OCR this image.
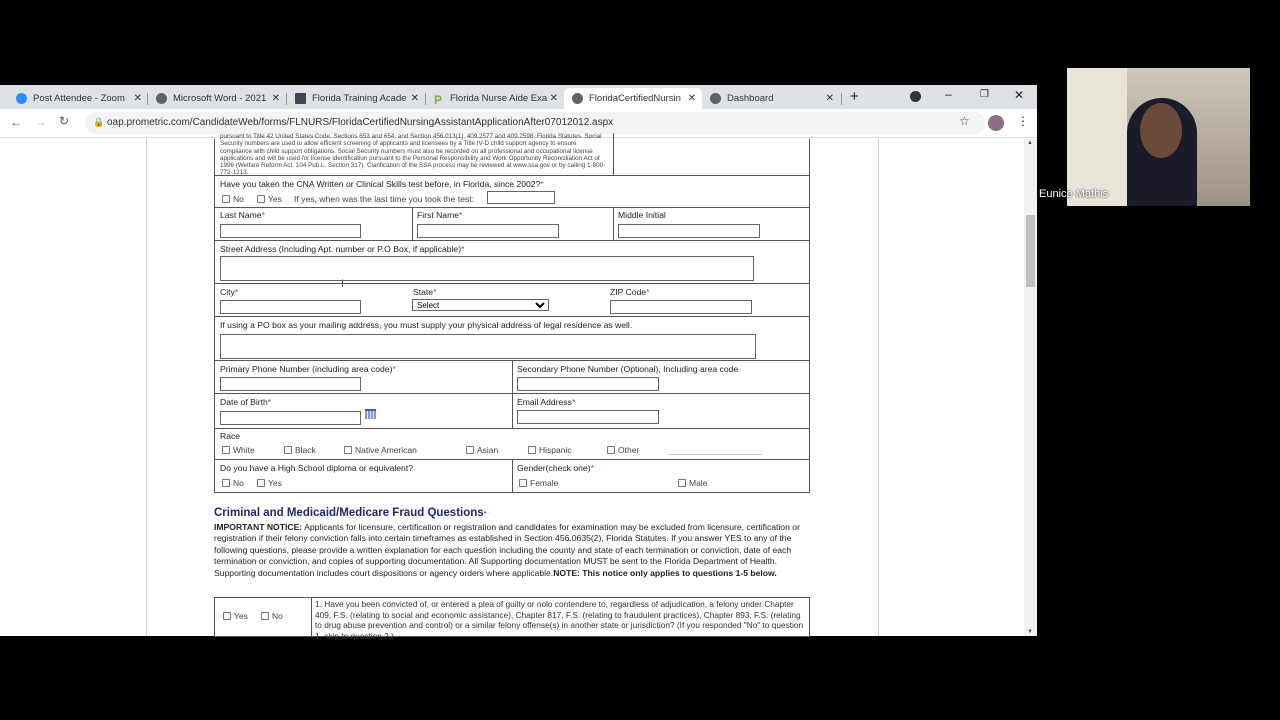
Post Attendee - Zoom ✕	Microsoft Word - 2021 ✕	Florida Training Acade ✕ P Florida Nurse Aide Exa ✕	FloridaCertifiedNursin ✕	Dashboard	✕ +	–	❐ ✕
← → ↻	🔒 oap.prometric.com/CandidateWeb/forms/FLNURS/FloridaCertifiedNursingAssistantApplicationAfter07012012.aspx	☆	⋮
pursuant to Title 42 United States Code, Sections 653 and 654, and Section 456.013(1), 409.2577 and 409.2598, Florida Statutes. Social Security numbers are used to allow efficient screening of applicants and licensees by a Title IV-D child support agency to ensure compliance with child support obligations. Social Security numbers must also be recorded on all professional and occupational license applications and will be used for license identification pursuant to the Personal Responsibility and Work Opportunity Reconciliation Act of 1996 (Welfare Reform Act. 104 Pub.L. Section 317). Clarification of the SSA process may be reviewed at www.ssa.gov or by calling 1-800-772-1213.
Have you taken the CNA Written or Clinical Skills test before, in Florida, since 2002?*
No	Yes If yes, when was the last time you took the test:
Last Name*	First Name*	Middle Initial
Street Address (Including Apt. number or P.O Box, if applicable)*
City*	State*
Select	ZIP Code*
If using a PO box as your mailing address, you must supply your physical address of legal residence as well.
Primary Phone Number (including area code)*	Secondary Phone Number (Optional), Including area code
Date of Birth*	Email Address*
Race
White	Black	Native American	Asian	Hispanic	Other
Do you have a High School diploma or equivalent?
No	Yes
Gender(check one)*
Female	Male
Criminal and Medicaid/Medicare Fraud Questions*
IMPORTANT NOTICE: Applicants for licensure, certification or registration and candidates for examination may be excluded from licensure, certification or registration if their felony conviction falls into certain timeframes as established in Section 456.0635(2), Florida Statutes. If you answer YES to any of the following questions, please provide a written explanation for each question including the county and state of each termination or conviction, date of each termination or conviction, and copies of supporting documentation. All Supporting documentation MUST be sent to the Florida Department of Health. Supporting documentation includes court dispositions or agency orders where applicable.NOTE: This notice only applies to questions 1-5 below.
Yes	No
1. Have you been convicted of, or entered a plea of guilty or nolo contendere to, regardless of adjudication, a felony under Chapter 409, F.S. (relating to social and economic assistance), Chapter 817, F.S. (relating to fraudulent practices), Chapter 893, F.S. (relating to drug abuse prevention and control) or a similar felony offense(s) in another state or jurisdiction? (If you responded "No" to question 1, skip to question 2.)
I
▲
▼
Eunice Mathis
